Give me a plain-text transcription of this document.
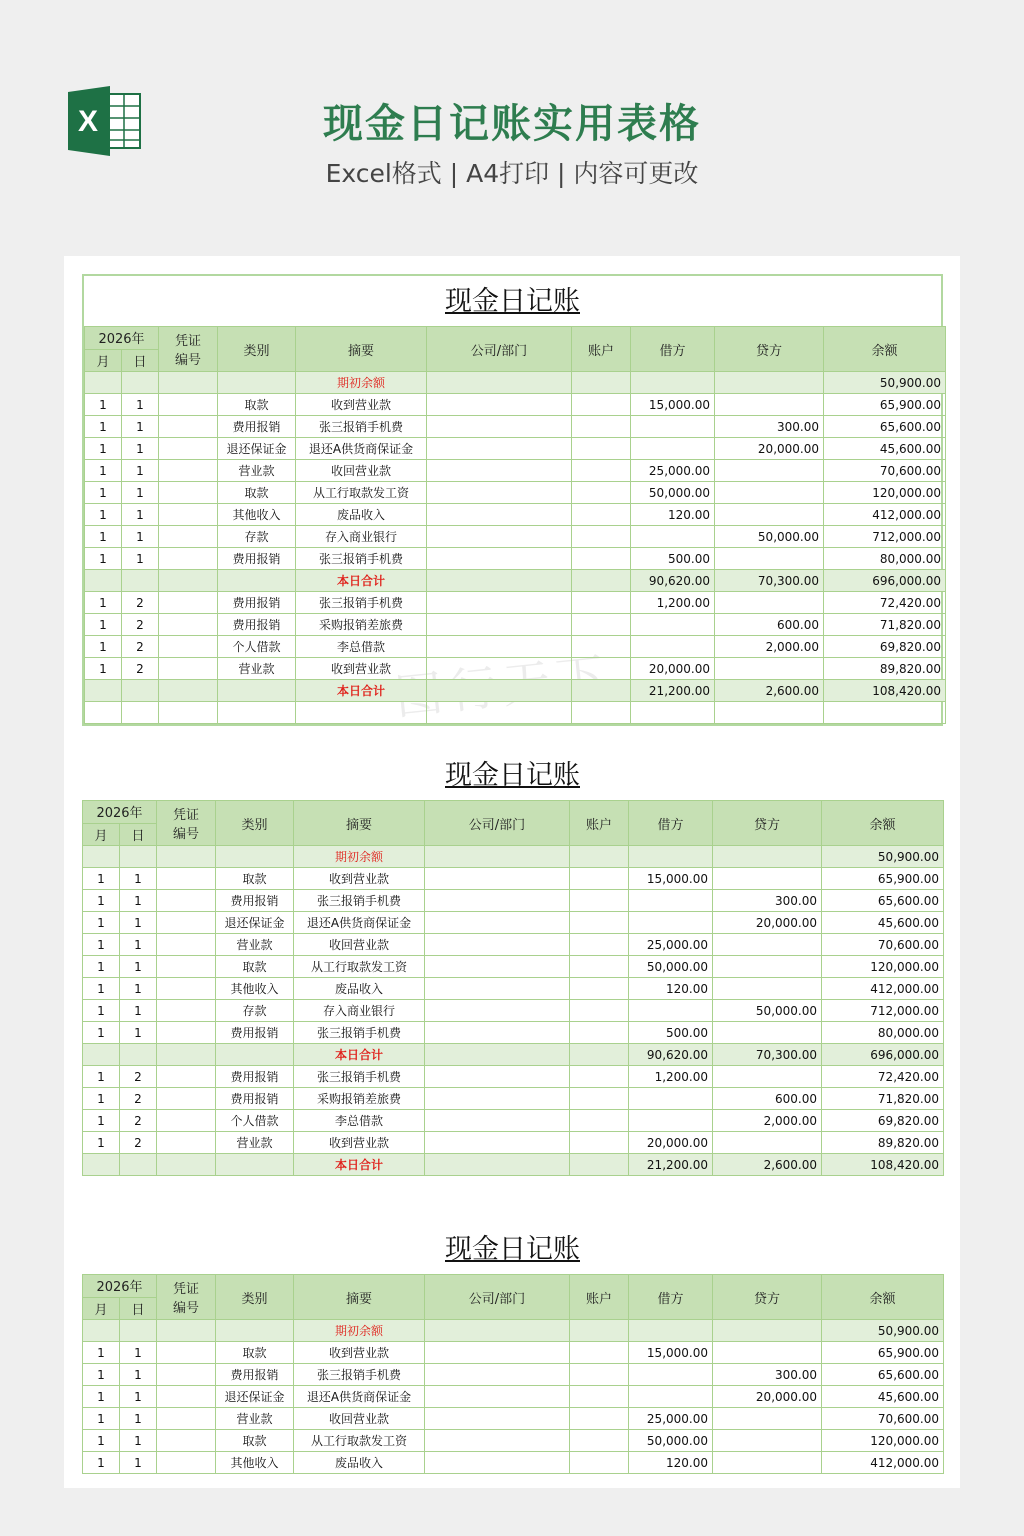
X	现金日记账实用表格
Excel格式 | A4打印 | 内容可更改
现金日记账
2026年		凭证
编号	类别	摘要	公司/部门	账户	借方	贷方	余额
月	日								
				期初余额					50,900.00
1	1		取款	收到营业款			15,000.00		65,900.00
1	1		费用报销	张三报销手机费				300.00	65,600.00
1	1		退还保证金	退还A供货商保证金				20,000.00	45,600.00
1	1		营业款	收回营业款			25,000.00		70,600.00
1	1		取款	从工行取款发工资			50,000.00		120,000.00
1	1		其他收入	废品收入			120.00		412,000.00
1	1		存款	存入商业银行				50,000.00	712,000.00
1	1		费用报销	张三报销手机费			500.00		80,000.00
				本日合计			90,620.00	70,300.00	696,000.00
1	2		费用报销	张三报销手机费			1,200.00		72,420.00
1	2		费用报销	采购报销差旅费				600.00	71,820.00
1	2		个人借款	李总借款				2,000.00	69,820.00
1	2		营业款	收到营业款			20,000.00		89,820.00
				本日合计			21,200.00	2,600.00	108,420.00

现金日记账
2026年		凭证
编号	类别	摘要	公司/部门	账户	借方	贷方	余额
月	日								
				期初余额					50,900.00
1	1		取款	收到营业款			15,000.00		65,900.00
1	1		费用报销	张三报销手机费				300.00	65,600.00
1	1		退还保证金	退还A供货商保证金				20,000.00	45,600.00
1	1		营业款	收回营业款			25,000.00		70,600.00
1	1		取款	从工行取款发工资			50,000.00		120,000.00
1	1		其他收入	废品收入			120.00		412,000.00
1	1		存款	存入商业银行				50,000.00	712,000.00
1	1		费用报销	张三报销手机费			500.00		80,000.00
				本日合计			90,620.00	70,300.00	696,000.00
1	2		费用报销	张三报销手机费			1,200.00		72,420.00
1	2		费用报销	采购报销差旅费				600.00	71,820.00
1	2		个人借款	李总借款				2,000.00	69,820.00
1	2		营业款	收到营业款			20,000.00		89,820.00
				本日合计			21,200.00	2,600.00	108,420.00
现金日记账
2026年		凭证
编号	类别	摘要	公司/部门	账户	借方	贷方	余额
月	日								
				期初余额					50,900.00
1	1		取款	收到营业款			15,000.00		65,900.00
1	1		费用报销	张三报销手机费				300.00	65,600.00
1	1		退还保证金	退还A供货商保证金				20,000.00	45,600.00
1	1		营业款	收回营业款			25,000.00		70,600.00
1	1		取款	从工行取款发工资			50,000.00		120,000.00
1	1		其他收入	废品收入			120.00		412,000.00
